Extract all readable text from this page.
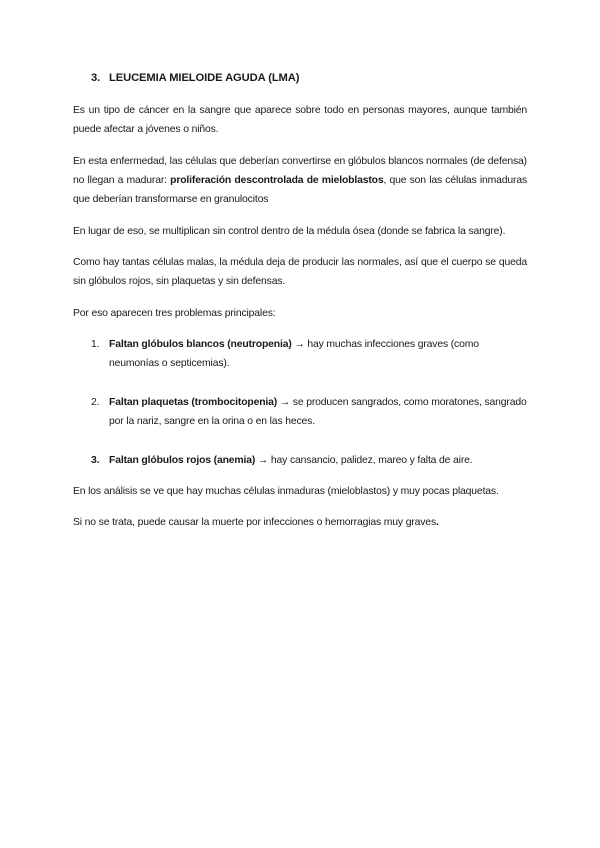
3. LEUCEMIA MIELOIDE AGUDA (LMA)
Es un tipo de cáncer en la sangre que aparece sobre todo en personas mayores, aunque también puede afectar a jóvenes o niños.
En esta enfermedad, las células que deberían convertirse en glóbulos blancos normales (de defensa) no llegan a madurar: proliferación descontrolada de mieloblastos, que son las células inmaduras que deberían transformarse en granulocitos
En lugar de eso, se multiplican sin control dentro de la médula ósea (donde se fabrica la sangre).
Como hay tantas células malas, la médula deja de producir las normales, así que el cuerpo se queda sin glóbulos rojos, sin plaquetas y sin defensas.
Por eso aparecen tres problemas principales:
1. Faltan glóbulos blancos (neutropenia) → hay muchas infecciones graves (como neumonías o septicemias).
2. Faltan plaquetas (trombocitopenia) → se producen sangrados, como moratones, sangrado por la nariz, sangre en la orina o en las heces.
3. Faltan glóbulos rojos (anemia) → hay cansancio, palidez, mareo y falta de aire.
En los análisis se ve que hay muchas células inmaduras (mieloblastos) y muy pocas plaquetas.
Si no se trata, puede causar la muerte por infecciones o hemorragias muy graves.
